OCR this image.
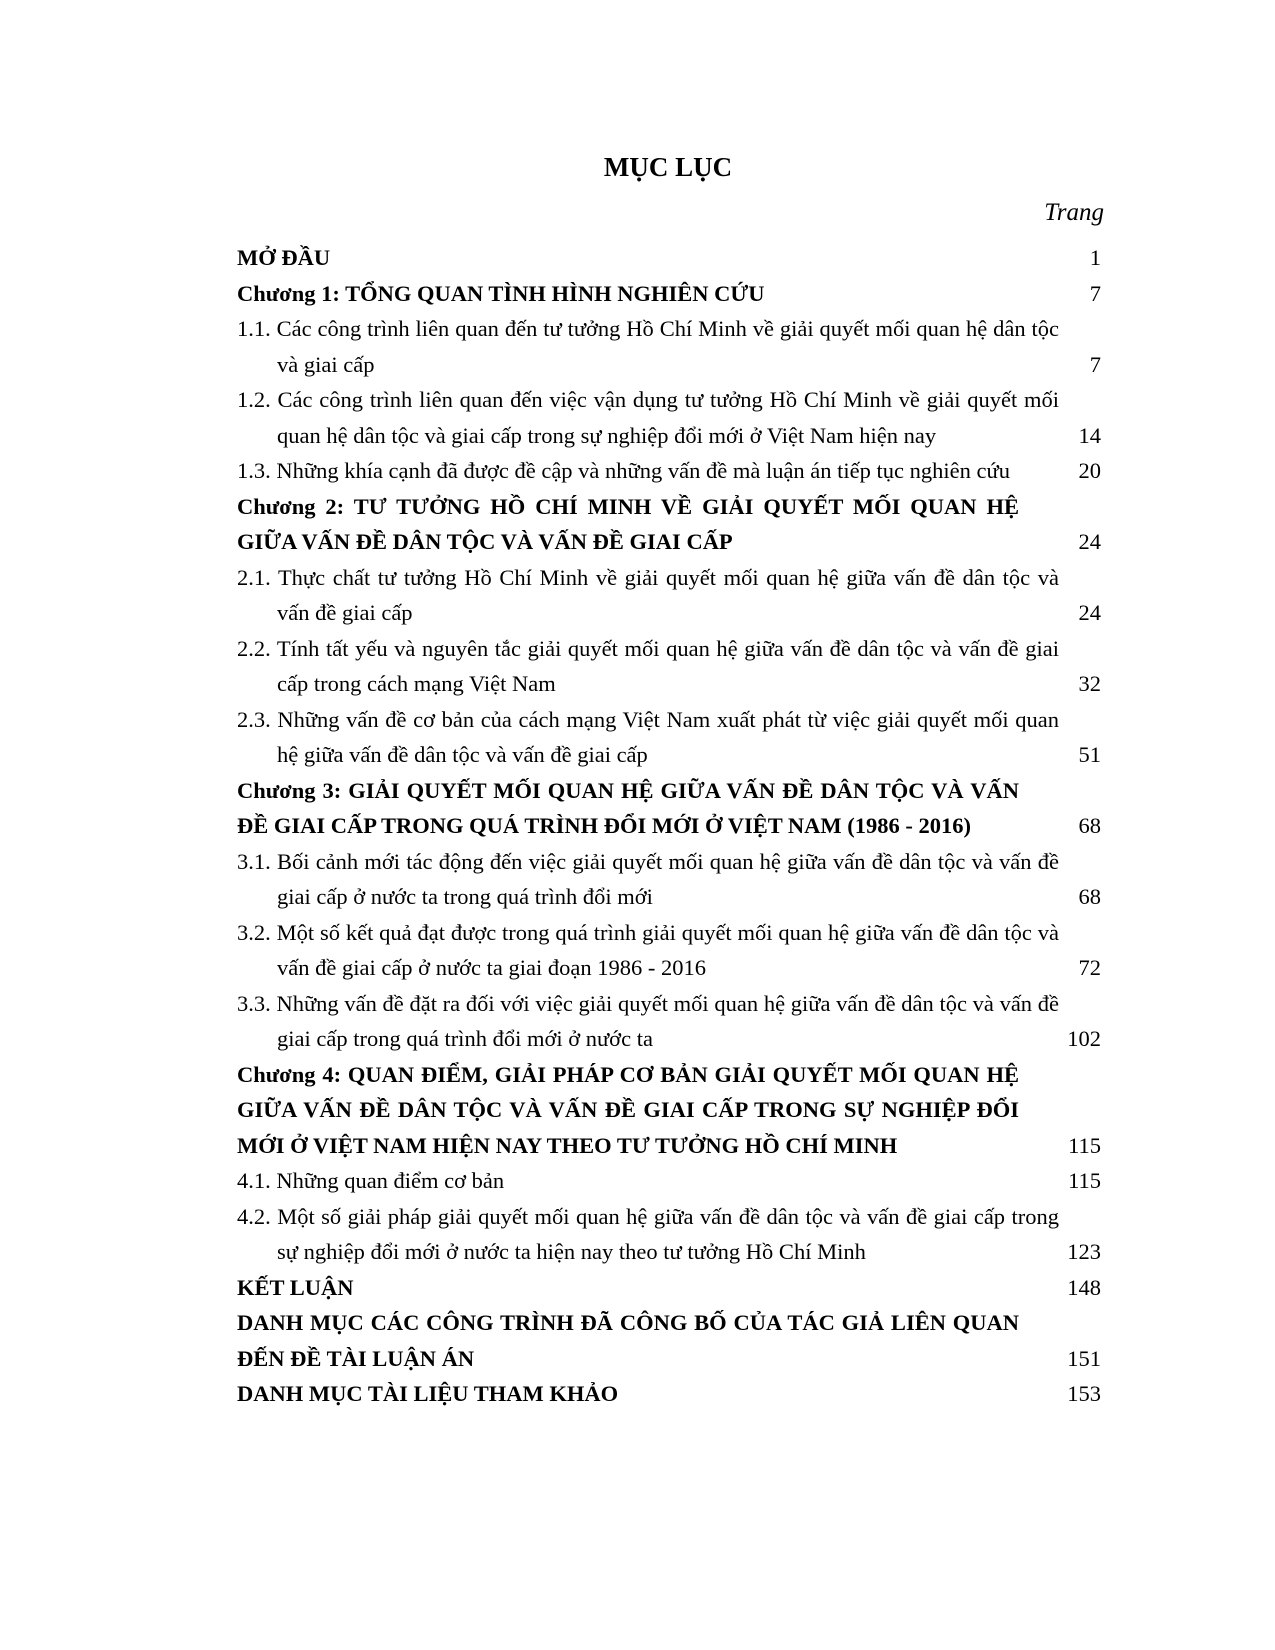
MỤC LỤC
Trang
MỞ ĐẦU	1
Chương 1: TỔNG QUAN TÌNH HÌNH NGHIÊN CỨU	7
1.1. Các công trình liên quan đến tư tưởng Hồ Chí Minh về giải quyết mối quan hệ dân tộc và giai cấp	7
1.2. Các công trình liên quan đến việc vận dụng tư tưởng Hồ Chí Minh về giải quyết mối quan hệ dân tộc và giai cấp trong sự nghiệp đổi mới ở Việt Nam hiện nay	14
1.3. Những khía cạnh đã được đề cập và những vấn đề mà luận án tiếp tục nghiên cứu	20
Chương 2: TƯ TƯỞNG HỒ CHÍ MINH VỀ GIẢI QUYẾT MỐI QUAN HỆ GIỮA VẤN ĐỀ DÂN TỘC VÀ VẤN ĐỀ GIAI CẤP	24
2.1. Thực chất tư tưởng Hồ Chí Minh về giải quyết mối quan hệ giữa vấn đề dân tộc và vấn đề giai cấp	24
2.2. Tính tất yếu và nguyên tắc giải quyết mối quan hệ giữa vấn đề dân tộc và vấn đề giai cấp trong cách mạng Việt Nam	32
2.3. Những vấn đề cơ bản của cách mạng Việt Nam xuất phát từ việc giải quyết mối quan hệ giữa vấn đề dân tộc và vấn đề giai cấp	51
Chương 3: GIẢI QUYẾT MỐI QUAN HỆ GIỮA VẤN ĐỀ DÂN TỘC VÀ VẤN ĐỀ GIAI CẤP TRONG QUÁ TRÌNH ĐỔI MỚI Ở VIỆT NAM (1986 - 2016)	68
3.1. Bối cảnh mới tác động đến việc giải quyết mối quan hệ giữa vấn đề dân tộc và vấn đề giai cấp ở nước ta trong quá trình đổi mới	68
3.2. Một số kết quả đạt được trong quá trình giải quyết mối quan hệ giữa vấn đề dân tộc và vấn đề giai cấp ở nước ta giai đoạn 1986 - 2016	72
3.3. Những vấn đề đặt ra đối với việc giải quyết mối quan hệ giữa vấn đề dân tộc và vấn đề giai cấp trong quá trình đổi mới ở nước ta	102
Chương 4: QUAN ĐIỂM, GIẢI PHÁP CƠ BẢN GIẢI QUYẾT MỐI QUAN HỆ GIỮA VẤN ĐỀ DÂN TỘC VÀ VẤN ĐỀ GIAI CẤP TRONG SỰ NGHIỆP ĐỔI MỚI Ở VIỆT NAM HIỆN NAY THEO TƯ TƯỞNG HỒ CHÍ MINH	115
4.1. Những quan điểm cơ bản	115
4.2. Một số giải pháp giải quyết mối quan hệ giữa vấn đề dân tộc và vấn đề giai cấp trong sự nghiệp đổi mới ở nước ta hiện nay theo tư tưởng Hồ Chí Minh	123
KẾT LUẬN	148
DANH MỤC CÁC CÔNG TRÌNH ĐÃ CÔNG BỐ CỦA TÁC GIẢ LIÊN QUAN ĐẾN ĐỀ TÀI LUẬN ÁN	151
DANH MỤC TÀI LIỆU THAM KHẢO	153
